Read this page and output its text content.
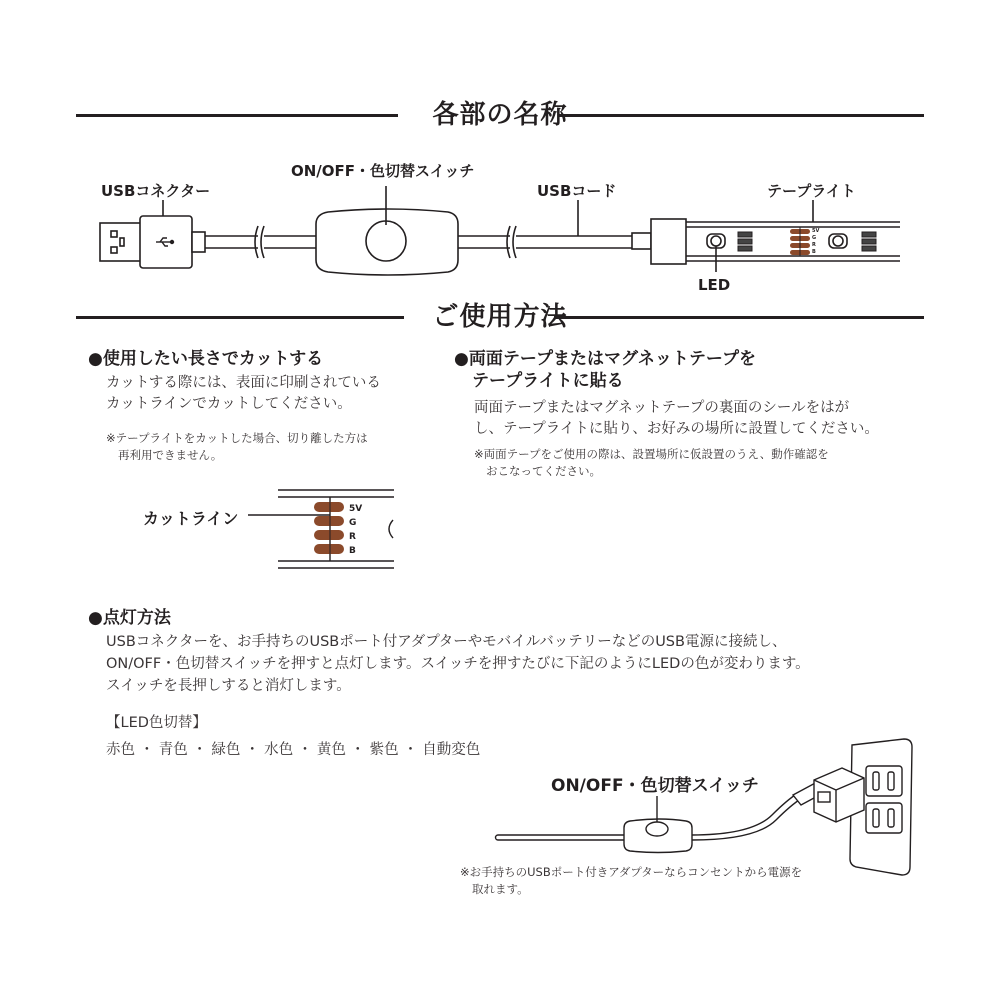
各部の名称
USBコネクター
ON/OFF・色切替スイッチ
USBコード	テープライト
LED
5V
G
R
B
ご使用方法
●使用したい長さでカットする
カットする際には、表面に印刷されている
カットラインでカットしてください。
※テープライトをカットした場合、切り離した方は
再利用できません。
カットライン	5V
G
R
B
●両面テープまたはマグネットテープを
テープライトに貼る
両面テープまたはマグネットテープの裏面のシールをはが
し、テープライトに貼り、お好みの場所に設置してください。
※両面テープをご使用の際は、設置場所に仮設置のうえ、動作確認を
おこなってください。
●点灯方法
USBコネクターを、お手持ちのUSBポート付アダプターやモバイルバッテリーなどのUSB電源に接続し、
ON/OFF・色切替スイッチを押すと点灯します。スイッチを押すたびに下記のようにLEDの色が変わります。
スイッチを長押しすると消灯します。
【LED色切替】
赤色 ・ 青色 ・ 緑色 ・ 水色 ・ 黄色 ・ 紫色 ・ 自動変色
ON/OFF・色切替スイッチ
※お手持ちのUSBポート付きアダプターならコンセントから電源を
取れます。
